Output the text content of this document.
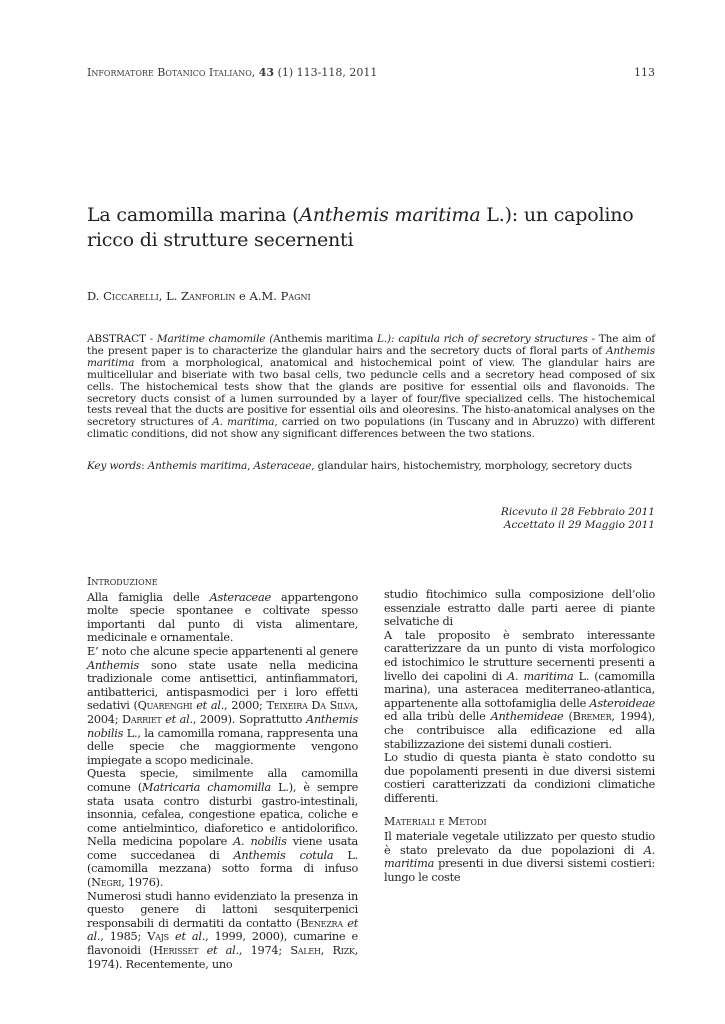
Informatore Botanico Italiano, 43 (1) 113-118, 2011	113
La camomilla marina (Anthemis maritima L.): un capolino ricco di strutture secernenti
D. Ciccarelli, L. Zanforlin e A.M. Pagni

ABSTRACT - Maritime chamomile (Anthemis maritima L.): capitula rich of secretory structures - The aim of the present paper is to characterize the glandular hairs and the secretory ducts of floral parts of Anthemis maritima from a morphological, anatomical and histochemical point of view. The glandular hairs are multicellular and biseriate with two basal cells, two peduncle cells and a secretory head composed of six cells. The histochemical tests show that the glands are positive for essential oils and flavonoids. The secretory ducts consist of a lumen surrounded by a layer of four/five specialized cells. The histochemical tests reveal that the ducts are positive for essential oils and oleoresins. The histo-anatomical analyses on the secretory structures of A. maritima, carried on two populations (in Tuscany and in Abruzzo) with different climatic conditions, did not show any significant differences between the two stations.

Key words: Anthemis maritima, Asteraceae, glandular hairs, histochemistry, morphology, secretory ducts

Ricevuto il 28 Febbraio 2011
Accettato il 29 Maggio 2011
Introduzione

Alla famiglia delle Asteraceae appartengono molte specie spontanee e coltivate spesso importanti dal punto di vista alimentare, medicinale e ornamentale.

E’ noto che alcune specie appartenenti al genere Anthemis sono state usate nella medicina tradizionale come antisettici, antinfiammatori, antibatterici, antispasmodici per i loro effetti sedativi (Quarenghi et al., 2000; Teixeira Da Silva, 2004; Darriet et al., 2009). Soprattutto Anthemis nobilis L., la camomilla romana, rappresenta una delle specie che maggiormente vengono impiegate a scopo medicinale.

Questa specie, similmente alla camomilla comune (Matricaria chamomilla L.), è sempre stata usata contro disturbi gastro-intestinali, insonnia, cefalea, congestione epatica, coliche e come antielmintico, diaforetico e antidolorifico. Nella medicina popolare A. nobilis viene usata come succedanea di Anthemis cotula L. (camomilla mezzana) sotto forma di infuso (Negri, 1976).

Numerosi studi hanno evidenziato la presenza in questo genere di lattoni sesquiterpenici responsabili di dermatiti da contatto (Benezra et al., 1985; Vajs et al., 1999, 2000), cumarine e flavonoidi (Herisset et al., 1974; Saleh, Rizk, 1974). Recentemente, uno

studio fitochimico sulla composizione dell’olio essenziale estratto dalle parti aeree di piante selvatiche di

A tale proposito è sembrato interessante caratterizzare da un punto di vista morfologico ed istochimico le strutture secernenti presenti a livello dei capolini di A. maritima L. (camomilla marina), una asteracea mediterraneo-atlantica, appartenente alla sottofamiglia delle Asteroideae ed alla tribù delle Anthemideae (Bremer, 1994), che contribuisce alla edificazione ed alla stabilizzazione dei sistemi dunali costieri.

Lo studio di questa pianta è stato condotto su due popolamenti presenti in due diversi sistemi costieri caratterizzati da condizioni climatiche differenti.

Materiali e Metodi

Il materiale vegetale utilizzato per questo studio è stato prelevato da due popolazioni di A. maritima presenti in due diversi sistemi costieri: lungo le coste
